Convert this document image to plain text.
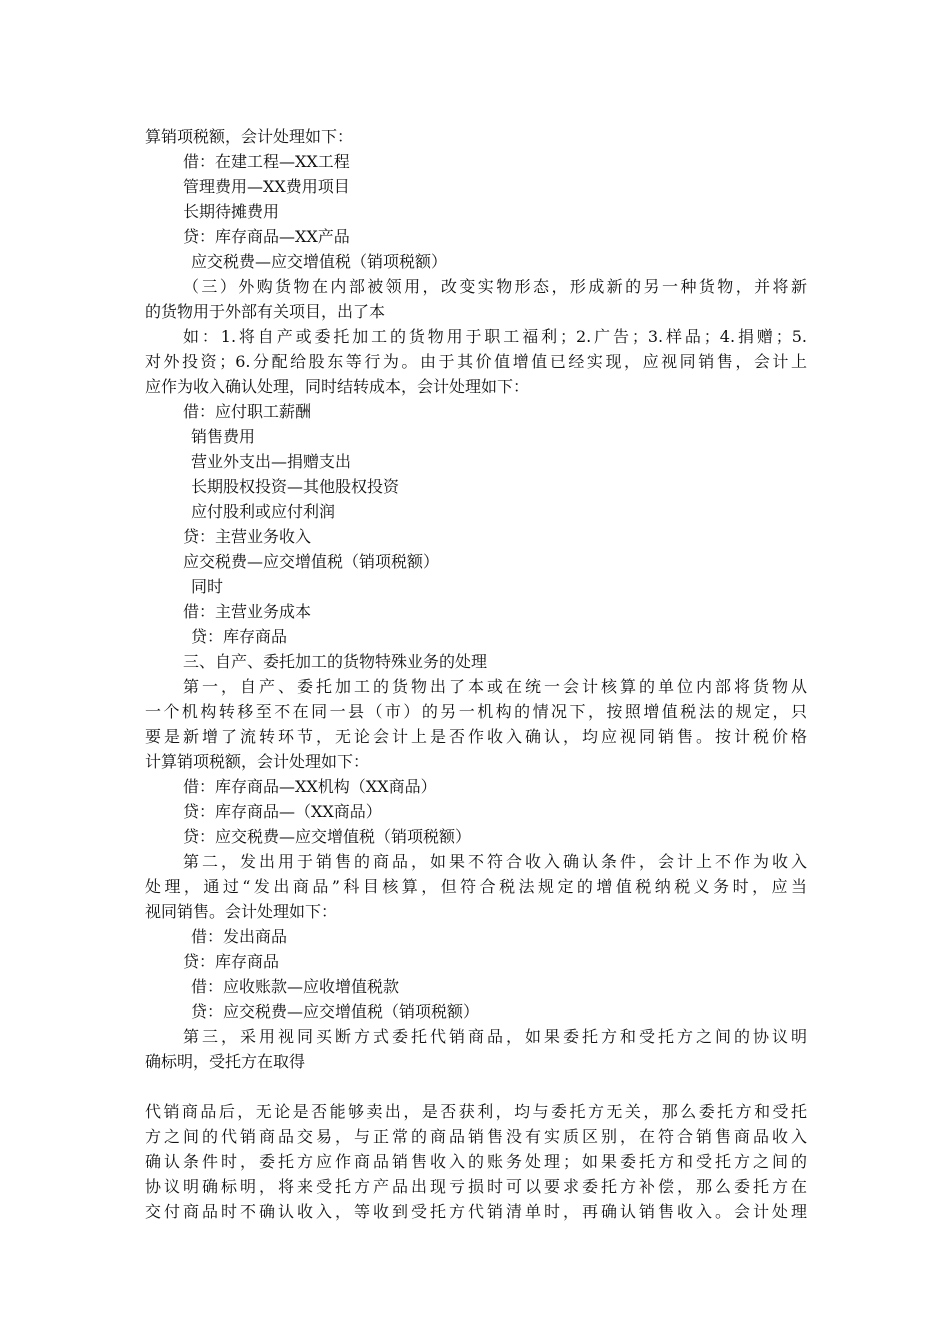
算销项税额，会计处理如下：
借：在建工程—XX工程
管理费用—XX费用项目
长期待摊费用
贷：库存商品—XX产品
应交税费—应交增值税（销项税额）
（三）外购货物在内部被领用，改变实物形态，形成新的另一种货物，并将新
的货物用于外部有关项目，出了本
如：1.将自产或委托加工的货物用于职工福利；2.广告；3.样品；4.捐赠；5.
对外投资；6.分配给股东等行为。由于其价值增值已经实现，应视同销售，会计上
应作为收入确认处理，同时结转成本，会计处理如下：
借：应付职工薪酬
销售费用
营业外支出—捐赠支出
长期股权投资—其他股权投资
应付股利或应付利润
贷：主营业务收入
应交税费—应交增值税（销项税额）
同时
借：主营业务成本
贷：库存商品
三、自产、委托加工的货物特殊业务的处理
第一，自产、委托加工的货物出了本或在统一会计核算的单位内部将货物从
一个机构转移至不在同一县（市）的另一机构的情况下，按照增值税法的规定，只
要是新增了流转环节，无论会计上是否作收入确认，均应视同销售。按计税价格
计算销项税额，会计处理如下：
借：库存商品—XX机构（XX商品）
贷：库存商品—（XX商品）
贷：应交税费—应交增值税（销项税额）
第二，发出用于销售的商品，如果不符合收入确认条件，会计上不作为收入
处理，通过“发出商品”科目核算，但符合税法规定的增值税纳税义务时，应当
视同销售。会计处理如下：
借：发出商品
贷：库存商品
借：应收账款—应收增值税款
贷：应交税费—应交增值税（销项税额）
第三，采用视同买断方式委托代销商品，如果委托方和受托方之间的协议明
确标明，受托方在取得
代销商品后，无论是否能够卖出，是否获利，均与委托方无关，那么委托方和受托
方之间的代销商品交易，与正常的商品销售没有实质区别，在符合销售商品收入
确认条件时，委托方应作商品销售收入的账务处理；如果委托方和受托方之间的
协议明确标明，将来受托方产品出现亏损时可以要求委托方补偿，那么委托方在
交付商品时不确认收入，等收到受托方代销清单时，再确认销售收入。会计处理
